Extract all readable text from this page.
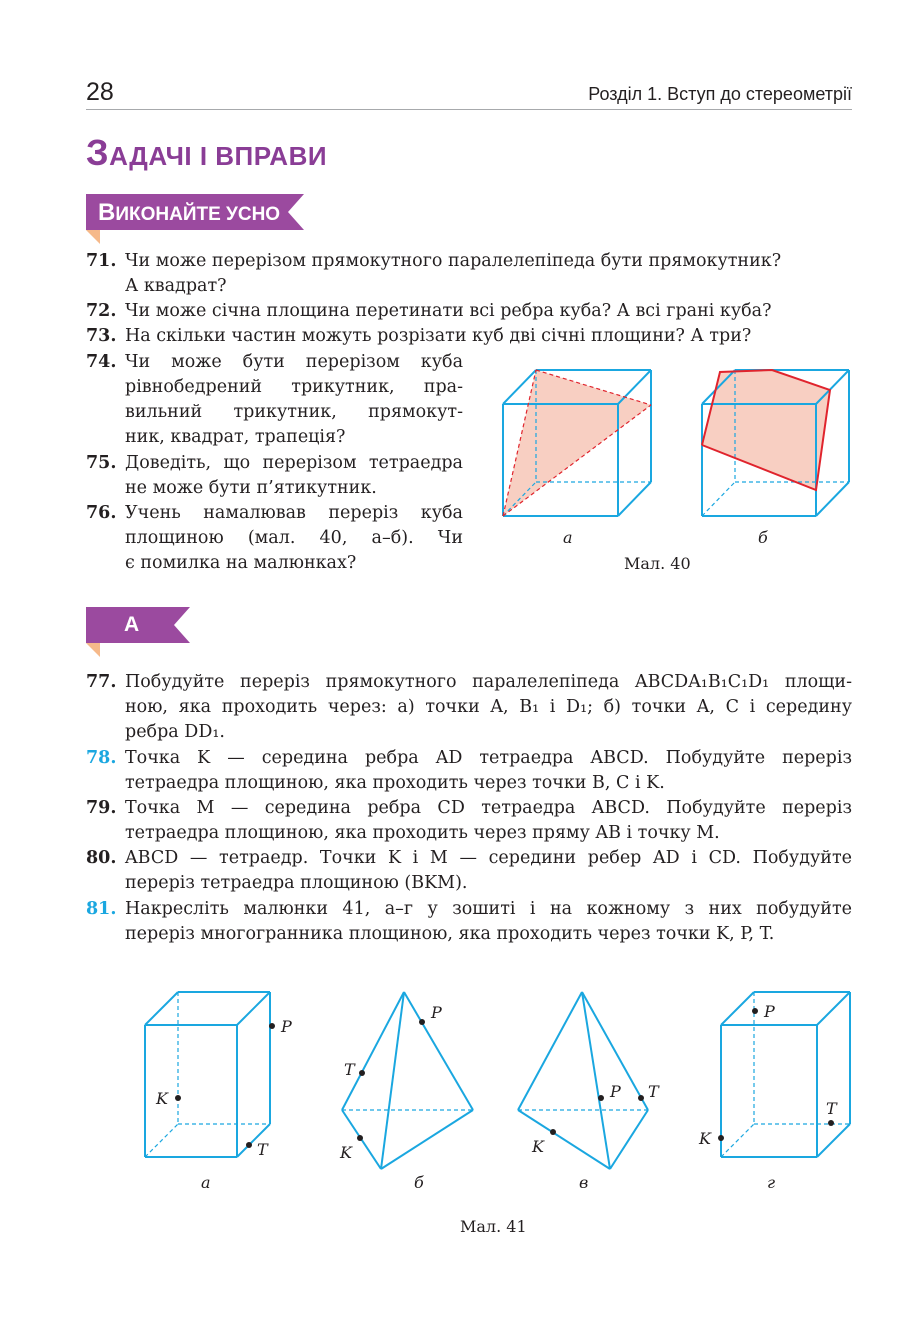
28	Розділ 1. Вступ до стереометрії
ЗАДАЧІ І ВПРАВИ
ВИКОНАЙТЕ УСНО
71. Чи може перерізом прямокутного паралелепіпеда бути прямокутник?
А квадрат?
72. Чи може січна площина перетинати всі ребра куба? А всі грані куба?
73. На скільки частин можуть розрізати куб дві січні площини? А три?
74. Чи може бути перерізом куба
рівнобедрений трикутник, пра-
вильний трикутник, прямокут-
ник, квадрат, трапеція?
75. Доведіть, що перерізом тетраедра
не може бути п’ятикутник.
76. Учень намалював переріз куба
площиною (мал. 40, а–б). Чи
є помилка на малюнках?
а	б
Мал. 40
А
77. Побудуйте переріз прямокутного паралелепіпеда ABCDA₁B₁C₁D₁ площи-
ною, яка проходить через: а) точки A, B₁ і D₁; б) точки A, C і середину
ребра DD₁.
78. Точка K — середина ребра AD тетраедра ABCD. Побудуйте переріз
тетраедра площиною, яка проходить через точки B, C і K.
79. Точка M — середина ребра CD тетраедра ABCD. Побудуйте переріз
тетраедра площиною, яка проходить через пряму AB і точку M.
80. ABCD — тетраедр. Точки K і M — середини ребер AD і CD. Побудуйте
переріз тетраедра площиною (BKM).
81. Накресліть малюнки 41, а–г у зошиті і на кожному з них побудуйте
переріз многогранника площиною, яка проходить через точки K, P, T.
P
K
T
P
T
K
P T
K
P
T
K
а	б	в	г
Мал. 41
